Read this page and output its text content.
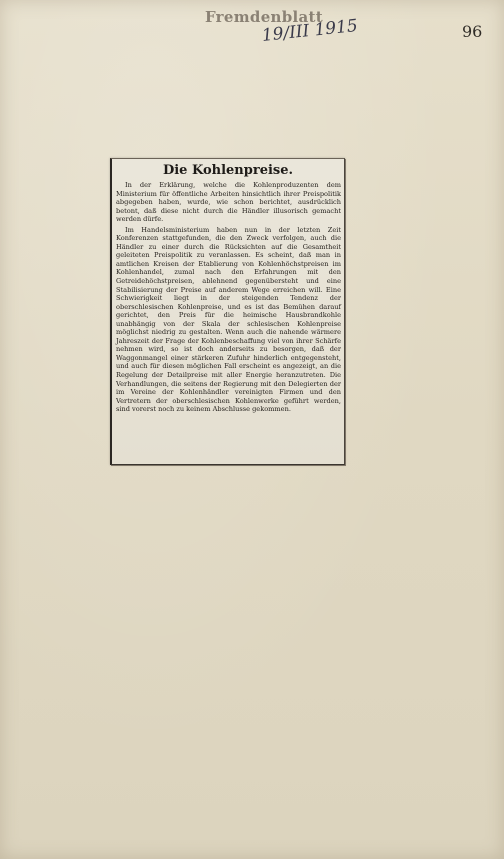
Fremdenblatt
19/III 1915	96
Die Kohlenpreise.

In der Erklärung, welche die Kohlenproduzenten dem Ministerium für öffentliche Arbeiten hinsichtlich ihrer Preispolitik abgegeben haben, wurde, wie schon berichtet, ausdrücklich betont, daß diese nicht durch die Händler illusorisch gemacht werden dürfe.

Im Handelsministerium haben nun in der letzten Zeit Konferenzen stattgefunden, die den Zweck verfolgen, auch die Händler zu einer durch die Rücksichten auf die Gesamtheit geleiteten Preispolitik zu veranlassen. Es scheint, daß man in amtlichen Kreisen der Etablierung von Kohlenhöchstpreisen im Kohlenhandel, zumal nach den Erfahrungen mit den Getreidehöchstpreisen, ablehnend gegenübersteht und eine Stabilisierung der Preise auf anderem Wege erreichen will. Eine Schwierigkeit liegt in der steigenden Tendenz der oberschlesischen Kohlenpreise, und es ist das Bemühen darauf gerichtet, den Preis für die heimische Hausbrandkohle unabhängig von der Skala der schlesischen Kohlenpreise möglichst niedrig zu gestalten. Wenn auch die nahende wärmere Jahreszeit der Frage der Kohlenbeschaffung viel von ihrer Schärfe nehmen wird, so ist doch anderseits zu besorgen, daß der Waggonmangel einer stärkeren Zufuhr hinderlich entgegensteht, und auch für diesen möglichen Fall erscheint es angezeigt, an die Regelung der Detailpreise mit aller Energie heranzutreten. Die Verhandlungen, die seitens der Regierung mit den Delegierten der im Vereine der Kohlenhändler vereinigten Firmen und den Vertretern der oberschlesischen Kohlenwerke geführt werden, sind vorerst noch zu keinem Abschlusse gekommen.
